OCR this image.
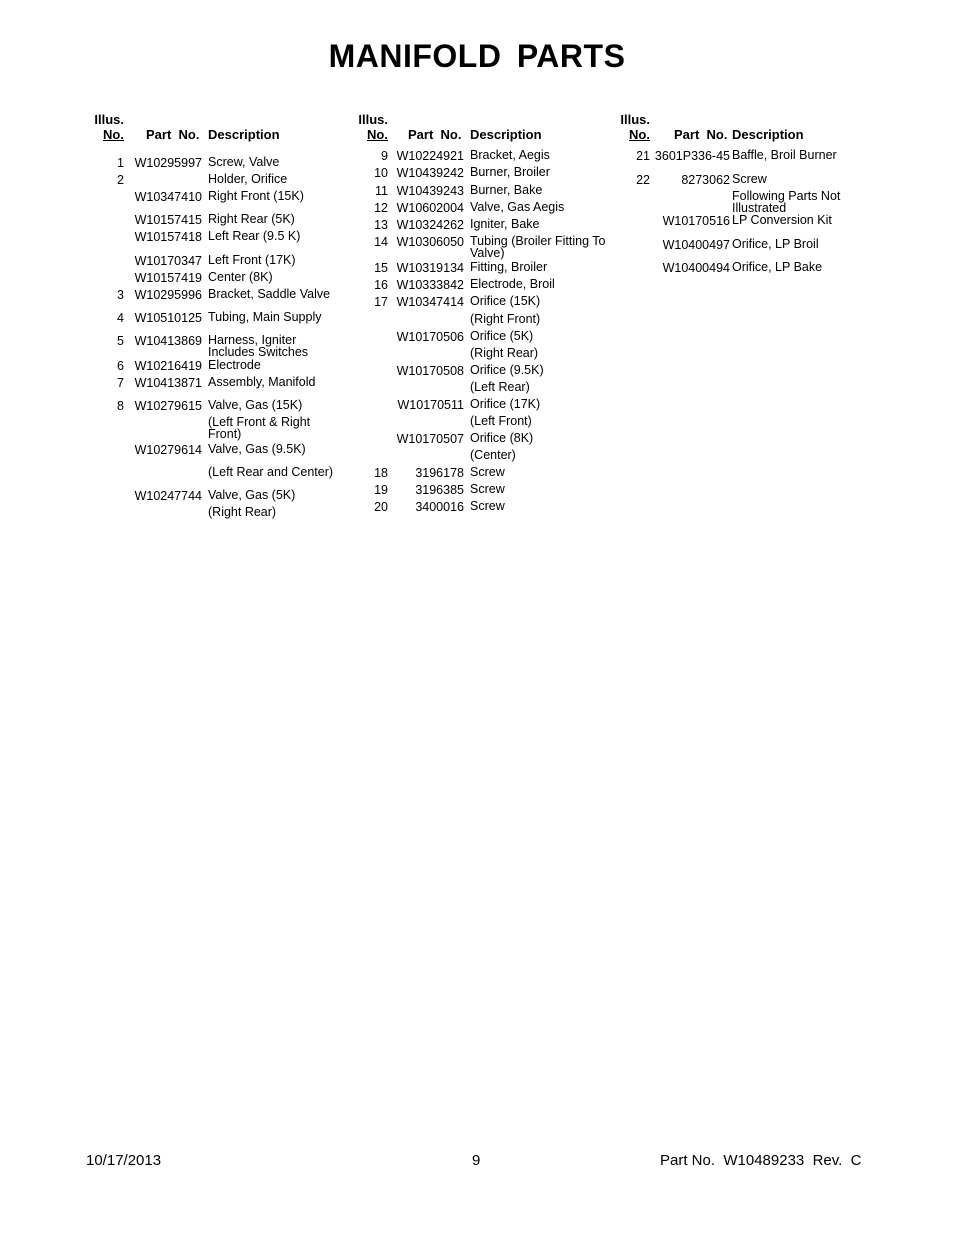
MANIFOLD PARTS
Illus.
No. Part  No. Description
1 W10295997 Screw, Valve
2	Holder, Orifice
W10347410 Right Front (15K)
W10157415 Right Rear (5K)
W10157418 Left Rear (9.5 K)
W10170347 Left Front (17K)
W10157419 Center (8K)
3 W10295996 Bracket, Saddle Valve
4 W10510125 Tubing, Main Supply
5 W10413869 Harness, Igniter Includes Switches
6 W10216419 Electrode
7 W10413871 Assembly, Manifold
8 W10279615 Valve, Gas (15K)
(Left Front & Right Front)
W10279614 Valve, Gas (9.5K)
(Left Rear and Center)
W10247744 Valve, Gas (5K)
(Right Rear)
Illus.
No. Part  No. Description
9 W10224921 Bracket, Aegis
10 W10439242 Burner, Broiler
11 W10439243 Burner, Bake
12 W10602004 Valve, Gas Aegis
13 W10324262 Igniter, Bake
14 W10306050 Tubing (Broiler Fitting To Valve)
15 W10319134 Fitting, Broiler
16 W10333842 Electrode, Broil
17 W10347414 Orifice (15K)
(Right Front)
W10170506 Orifice (5K)
(Right Rear)
W10170508 Orifice (9.5K)
(Left Rear)
W10170511 Orifice (17K)
(Left Front)
W10170507 Orifice (8K)
(Center)
18	3196178 Screw
19	3196385 Screw
20	3400016 Screw
Illus.
No. Part  No. Description
21 3601P336-45 Baffle, Broil Burner
22	8273062 Screw
Following Parts Not Illustrated
W10170516 LP Conversion Kit
W10400497 Orifice, LP Broil
W10400494 Orifice, LP Bake
10/17/2013	9	Part No.  W10489233  Rev.  C
